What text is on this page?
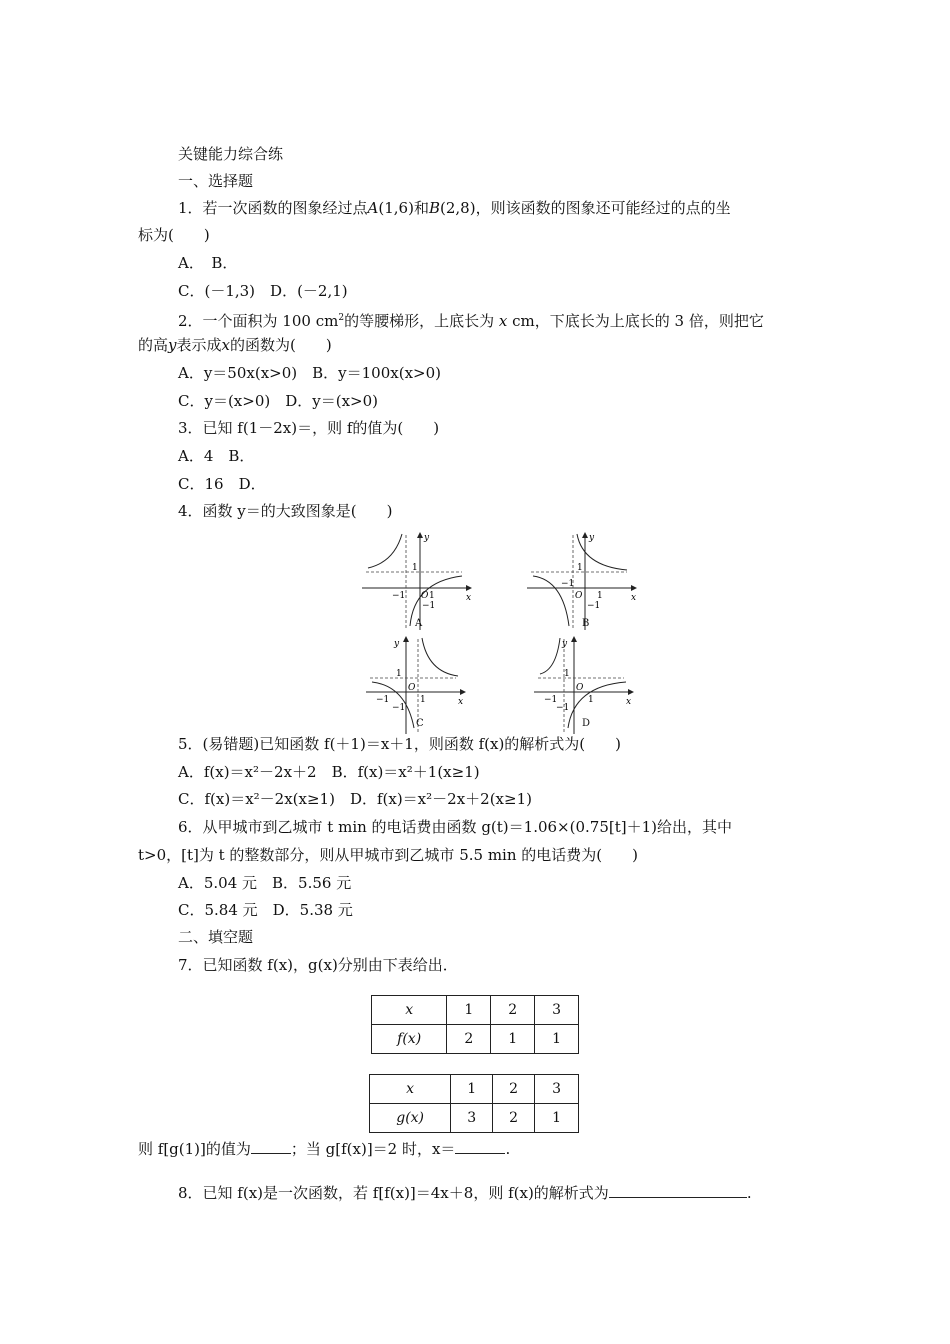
关键能力综合练
一、选择题
1．若一次函数的图象经过点A(1,6)和B(2,8)，则该函数的图象还可能经过的点的坐
标为(　　)
A．　B．
C．(－1,3)　D．(－2,1)
2．一个面积为 100 $cm^2$的等腰梯形，上底长为 x cm，下底长为上底长的 3 倍，则把它
的高y表示成x的函数为(　　)
A．y＝50x(x>0)　B．y＝100x(x>0)
C．y＝(x>0)　D．y＝(x>0)
3．已知 f(1－2x)＝，则 f的值为(　　)
A．4　B．
C．16　D．
4．函数 y＝的大致图象是(　　)
y
x
O
1
−1	1
−1
A
y
x
O
−1
1
1
−1
B
y
x
O
1
−1	1
−1
C
y
x
O
1
−1	1
−1
D
5．(易错题)已知函数 f(＋1)＝x＋1，则函数 f(x)的解析式为(　　)
A．f(x)＝x²－2x＋2　B．f(x)＝x²＋1(x≥1)
C．f(x)＝x²－2x(x≥1)　D．f(x)＝x²－2x＋2(x≥1)
6．从甲城市到乙城市 t min 的电话费由函数 g(t)＝1.06×(0.75[t]＋1)给出，其中
t>0，[t]为 t 的整数部分，则从甲城市到乙城市 5.5 min 的电话费为(　　)
A．5.04 元　B．5.56 元
C．5.84 元　D．5.38 元
二、填空题
7．已知函数 f(x)，g(x)分别由下表给出．
x	1	2	3
f(x)	2	1	1
x	1	2	3
g(x)	3	2	1
则 f[g(1)]的值为	；当 g[f(x)]＝2 时，x＝	.
8．已知 f(x)是一次函数，若 f[f(x)]＝4x＋8，则 f(x)的解析式为	.
